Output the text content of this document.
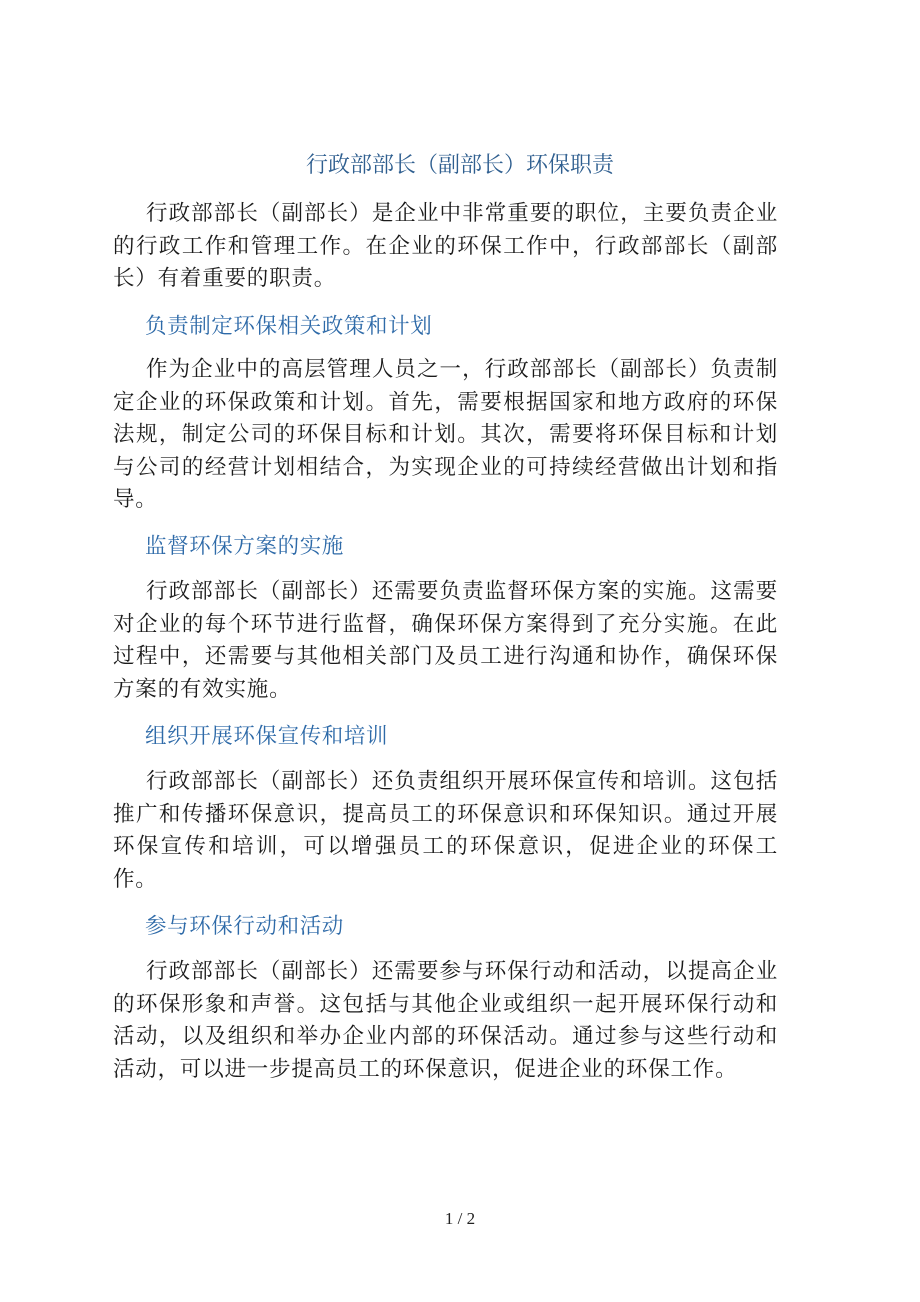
行政部部长（副部长）环保职责

行政部部长（副部长）是企业中非常重要的职位，主要负责企业的行政工作和管理工作。在企业的环保工作中，行政部部长（副部长）有着重要的职责。

负责制定环保相关政策和计划

作为企业中的高层管理人员之一，行政部部长（副部长）负责制定企业的环保政策和计划。首先，需要根据国家和地方政府的环保法规，制定公司的环保目标和计划。其次，需要将环保目标和计划与公司的经营计划相结合，为实现企业的可持续经营做出计划和指导。

监督环保方案的实施

行政部部长（副部长）还需要负责监督环保方案的实施。这需要对企业的每个环节进行监督，确保环保方案得到了充分实施。在此过程中，还需要与其他相关部门及员工进行沟通和协作，确保环保方案的有效实施。

组织开展环保宣传和培训

行政部部长（副部长）还负责组织开展环保宣传和培训。这包括推广和传播环保意识，提高员工的环保意识和环保知识。通过开展环保宣传和培训，可以增强员工的环保意识，促进企业的环保工作。

参与环保行动和活动

行政部部长（副部长）还需要参与环保行动和活动，以提高企业的环保形象和声誉。这包括与其他企业或组织一起开展环保行动和活动，以及组织和举办企业内部的环保活动。通过参与这些行动和活动，可以进一步提高员工的环保意识，促进企业的环保工作。

1 / 2
